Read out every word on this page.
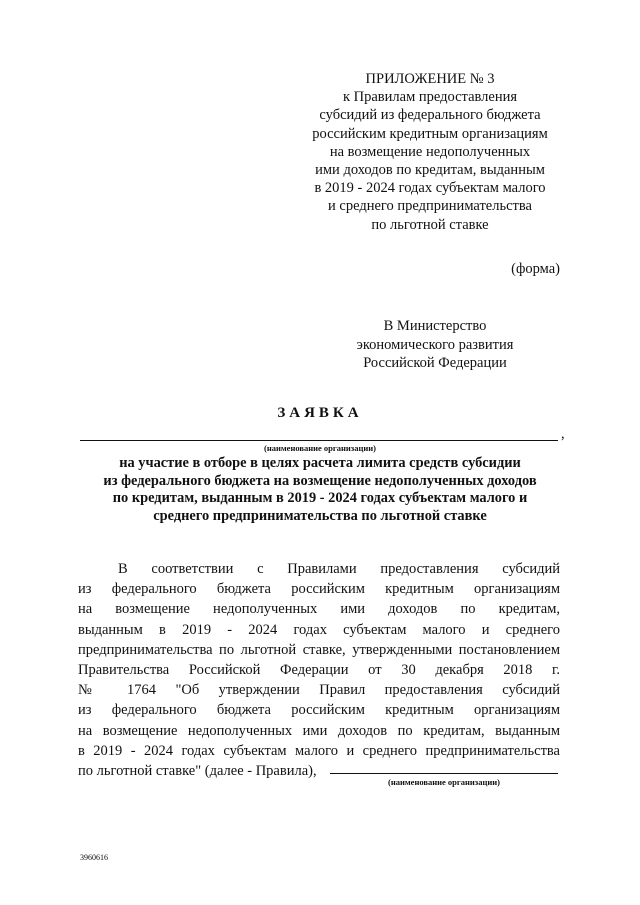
ПРИЛОЖЕНИЕ № 3
к Правилам предоставления
субсидий из федерального бюджета
российским кредитным организациям
на возмещение недополученных
ими доходов по кредитам, выданным
в 2019 - 2024 годах субъектам малого
и среднего предпринимательства
по льготной ставке
(форма)
В Министерство
экономического развития
Российской Федерации
ЗАЯВКА
,
(наименование организации)
на участие в отборе в целях расчета лимита средств субсидии
из федерального бюджета на возмещение недополученных доходов
по кредитам, выданным в 2019 - 2024 годах субъектам малого и
среднего предпринимательства по льготной ставке
В соответствии с Правилами предоставления субсидий
из федерального бюджета российским кредитным организациям
на возмещение недополученных ими доходов по кредитам,
выданным в 2019 - 2024 годах субъектам малого и среднего
предпринимательства по льготной ставке, утвержденными постановлением
Правительства Российской Федерации от 30 декабря 2018 г.
№ 1764 "Об утверждении Правил предоставления субсидий
из федерального бюджета российским кредитным организациям
на возмещение недополученных ими доходов по кредитам, выданным
в 2019 - 2024 годах субъектам малого и среднего предпринимательства
по льготной ставке" (далее - Правила),
(наименование организации)
3960616
